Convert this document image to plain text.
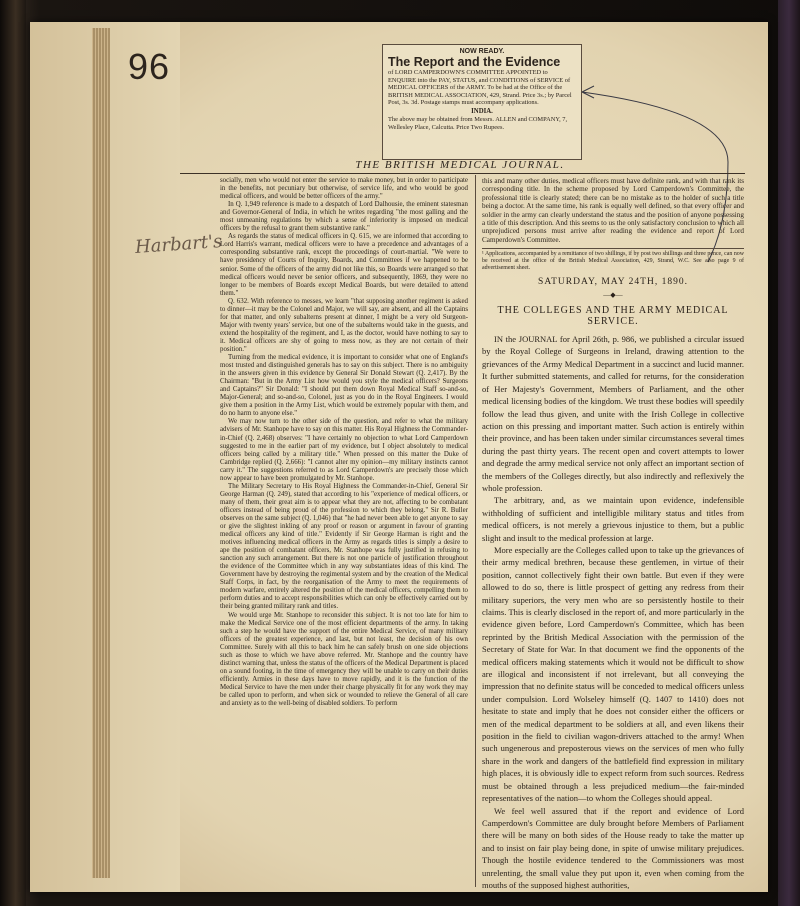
96
Harbart's
NOW READY.
The Report and the Evidence
of LORD CAMPERDOWN'S COMMITTEE APPOINTED to ENQUIRE into the PAY, STATUS, and CONDITIONS of SERVICE of MEDICAL OFFICERS of the ARMY. To be had at the Office of the BRITISH MEDICAL ASSOCIATION, 429, Strand. Price 3s.; by Parcel Post, 3s. 3d. Postage stamps must accompany applications.
INDIA.
The above may be obtained from Messrs. ALLEN and COMPANY, 7, Wellesley Place, Calcutta. Price Two Rupees.
THE BRITISH MEDICAL JOURNAL.

socially, men who would not enter the service to make money, but in order to participate in the benefits, not pecuniary but otherwise, of service life, and who would be good medical officers, and would be better officers of the army."

In Q. 1,949 reference is made to a despatch of Lord Dalhousie, the eminent statesman and Governor-General of India, in which he writes regarding "the most galling and the most unmeaning regulations by which a sense of inferiority is imposed on medical officers by the refusal to grant them substantive rank."

As regards the status of medical officers in Q. 615, we are informed that according to Lord Harris's warrant, medical officers were to have a precedence and advantages of a corresponding substantive rank, except the proceedings of court-martial. "We were to have presidency of Courts of Inquiry, Boards, and Committees if we happened to be senior. Some of the officers of the army did not like this, so Boards were arranged so that medical officers would never be senior officers, and subsequently, 1869, they were no longer to be members of Boards except Medical Boards, but were detailed to attend them."

Q. 632. With reference to messes, we learn "that supposing another regiment is asked to dinner—it may be the Colonel and Major, we will say, are absent, and all the Captains for that matter, and only subalterns present at dinner, I might be a very old Surgeon-Major with twenty years' service, but one of the subalterns would take in the guests, and extend the hospitality of the regiment, and I, as the doctor, would have nothing to say to it. Medical officers are shy of going to mess now, as they are not certain of their position."

Turning from the medical evidence, it is important to consider what one of England's most trusted and distinguished generals has to say on this subject. There is no ambiguity in the answers given in this evidence by General Sir Donald Stewart (Q. 2,417). By the Chairman: "But in the Army List how would you style the medical officers? Surgeons and Captains?" Sir Donald: "I should put them down Royal Medical Staff so-and-so, Major-General; and so-and-so, Colonel, just as you do in the Royal Engineers. I would give them a position in the Army List, which would be extremely popular with them, and do no harm to anyone else."

We may now turn to the other side of the question, and refer to what the military advisers of Mr. Stanhope have to say on this matter. His Royal Highness the Commander-in-Chief (Q. 2,468) observes: "I have certainly no objection to what Lord Camperdown suggested to me in the earlier part of my evidence, but I object absolutely to medical officers being called by a military title." When pressed on this matter the Duke of Cambridge replied (Q. 2,666): "I cannot alter my opinion—my military instincts cannot carry it." The suggestions referred to as Lord Camperdown's are precisely those which now appear to have been promulgated by Mr. Stanhope.

The Military Secretary to His Royal Highness the Commander-in-Chief, General Sir George Harman (Q. 249), stated that according to his "experience of medical officers, or many of them, their great aim is to appear what they are not, affecting to be combatant officers instead of being proud of the profession to which they belong." Sir R. Buller observes on the same subject (Q. 1,046) that "he had never been able to get anyone to say or give the slightest inkling of any proof or reason or argument in favour of granting medical officers any kind of title." Evidently if Sir George Harman is right and the motives influencing medical officers in the Army as regards titles is simply a desire to ape the position of combatant officers, Mr. Stanhope was fully justified in refusing to sanction any such arrangement. But there is not one particle of justification throughout the evidence of the Committee which in any way substantiates ideas of this kind. The Government have by destroying the regimental system and by the creation of the Medical Staff Corps, in fact, by the reorganisation of the Army to meet the requirements of modern warfare, entirely altered the position of the medical officers, compelling them to perform duties and to accept responsibilities which can only be effectively carried out by their being granted military rank and titles.

We would urge Mr. Stanhope to reconsider this subject. It is not too late for him to make the Medical Service one of the most efficient departments of the army. In taking such a step he would have the support of the entire Medical Service, of many military officers of the greatest experience, and last, but not least, the decision of his own Committee. Surely with all this to back him he can safely brush on one side objections such as those to which we have above referred. Mr. Stanhope and the country have distinct warning that, unless the status of the officers of the Medical Department is placed on a sound footing, in the time of emergency they will be unable to carry on their duties efficiently. Armies in these days have to move rapidly, and it is the function of the Medical Service to have the men under their charge physically fit for any work they may be called upon to perform, and when sick or wounded to relieve the General of all care and anxiety as to the well-being of disabled soldiers. To perform

this and many other duties, medical officers must have definite rank, and with that rank its corresponding title. In the scheme proposed by Lord Camperdown's Committee, the professional title is clearly stated; there can be no mistake as to the holder of such a title being a doctor. At the same time, his rank is equally well defined, so that every officer and soldier in the army can clearly understand the status and the position of anyone possessing a title of this description. And this seems to us the only satisfactory conclusion to which all unprejudiced persons must arrive after reading the evidence and report of Lord Camperdown's Committee.

¹ Applications, accompanied by a remittance of two shillings, if by post two shillings and three pence, can now be received at the office of the British Medical Association, 429, Strand, W.C. See also page 9 of advertisement sheet.
SATURDAY, MAY 24TH, 1890.
—◆—
THE COLLEGES AND THE ARMY MEDICAL SERVICE.

IN the JOURNAL for April 26th, p. 986, we published a circular issued by the Royal College of Surgeons in Ireland, drawing attention to the grievances of the Army Medical Department in a succinct and lucid manner. It further submitted statements, and called for returns, for the consideration of Her Majesty's Government, Members of Parliament, and the other medical licensing bodies of the kingdom. We trust these bodies will speedily follow the lead thus given, and unite with the Irish College in collective action on this pressing and important matter. Such action is entirely within their province, and has been taken under similar circumstances several times during the past thirty years. The recent open and covert attempts to lower and degrade the army medical service not only affect an important section of the members of the Colleges directly, but also indirectly and reflexively the whole profession.

The arbitrary, and, as we maintain upon evidence, indefensible withholding of sufficient and intelligible military status and titles from medical officers, is not merely a grievous injustice to them, but a public slight and insult to the medical profession at large.

More especially are the Colleges called upon to take up the grievances of their army medical brethren, because these gentlemen, in virtue of their position, cannot collectively fight their own battle. But even if they were allowed to do so, there is little prospect of getting any redress from their military superiors, the very men who are so persistently hostile to their claims. This is clearly disclosed in the report of, and more particularly in the evidence given before, Lord Camperdown's Committee, which has been reprinted by the British Medical Association with the permission of the Secretary of State for War. In that document we find the opponents of the medical officers making statements which it would not be difficult to show are illogical and inconsistent if not irrelevant, but all conveying the impression that no definite status will be conceded to medical officers unless under compulsion. Lord Wolseley himself (Q. 1407 to 1410) does not hesitate to state and imply that he does not consider either the officers or men of the medical department to be soldiers at all, and even likens their position in the field to civilian wagon-drivers attached to the army! When such ungenerous and preposterous views on the services of men who fully share in the work and dangers of the battlefield find expression in military high places, it is obviously idle to expect reform from such sources. Redress must be obtained through a less prejudiced medium—the fair-minded representatives of the nation—to whom the Colleges should appeal.

We feel well assured that if the report and evidence of Lord Camperdown's Committee are duly brought before Members of Parliament there will be many on both sides of the House ready to take the matter up and to insist on fair play being done, in spite of unwise military prejudices. Though the hostile evidence tendered to the Commissioners was most unrelenting, the small value they put upon it, even when coming from the mouths of the supposed highest authorities,
